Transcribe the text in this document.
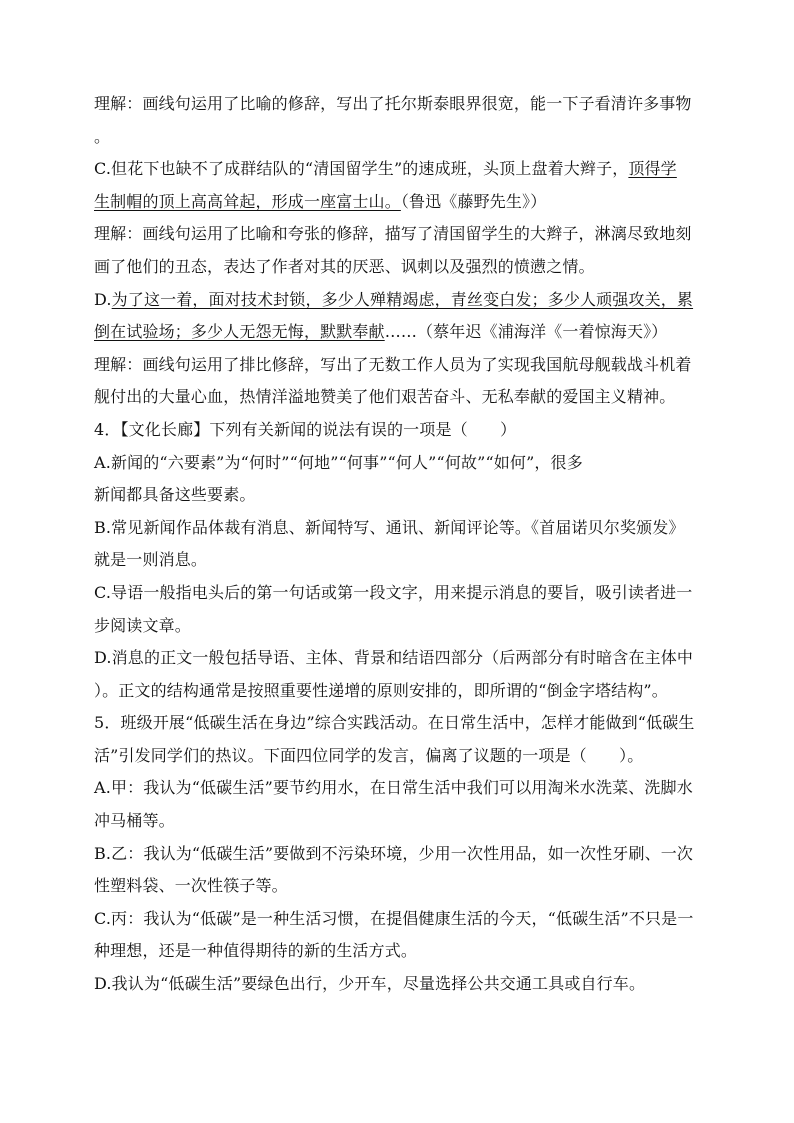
理解：画线句运用了比喻的修辞，写出了托尔斯泰眼界很宽，能一下子看清许多事物
。
C.但花下也缺不了成群结队的“清国留学生”的速成班，头顶上盘着大辫子，顶得学
生制帽的顶上高高耸起，形成一座富士山。（鲁迅《藤野先生》）
理解：画线句运用了比喻和夸张的修辞，描写了清国留学生的大辫子，淋漓尽致地刻
画了他们的丑态，表达了作者对其的厌恶、讽刺以及强烈的愤懑之情。
D.为了这一着，面对技术封锁，多少人殚精竭虑，青丝变白发；多少人顽强攻关，累
倒在试验场；多少人无怨无悔，默默奉献……（蔡年迟《浦海洋《一着惊海天》）
理解：画线句运用了排比修辞，写出了无数工作人员为了实现我国航母舰载战斗机着
舰付出的大量心血，热情洋溢地赞美了他们艰苦奋斗、无私奉献的爱国主义精神。
4．【文化长廊】下列有关新闻的说法有误的一项是（　　）
A.新闻的“六要素”为“何时”“何地”“何事”“何人”“何故”“如何”，很多
新闻都具备这些要素。
B.常见新闻作品体裁有消息、新闻特写、通讯、新闻评论等。《首届诺贝尔奖颁发》
就是一则消息。
C.导语一般指电头后的第一句话或第一段文字，用来提示消息的要旨，吸引读者进一
步阅读文章。
D.消息的正文一般包括导语、主体、背景和结语四部分（后两部分有时暗含在主体中
）。正文的结构通常是按照重要性递增的原则安排的，即所谓的“倒金字塔结构”。
5．班级开展“低碳生活在身边”综合实践活动。在日常生活中，怎样才能做到“低碳生
活”引发同学们的热议。下面四位同学的发言，偏离了议题的一项是（　　）。
A.甲：我认为“低碳生活”要节约用水，在日常生活中我们可以用淘米水洗菜、洗脚水
冲马桶等。
B.乙：我认为“低碳生活”要做到不污染环境，少用一次性用品，如一次性牙刷、一次
性塑料袋、一次性筷子等。
C.丙：我认为“低碳”是一种生活习惯，在提倡健康生活的今天，“低碳生活”不只是一
种理想，还是一种值得期待的新的生活方式。
D.我认为“低碳生活”要绿色出行，少开车，尽量选择公共交通工具或自行车。
